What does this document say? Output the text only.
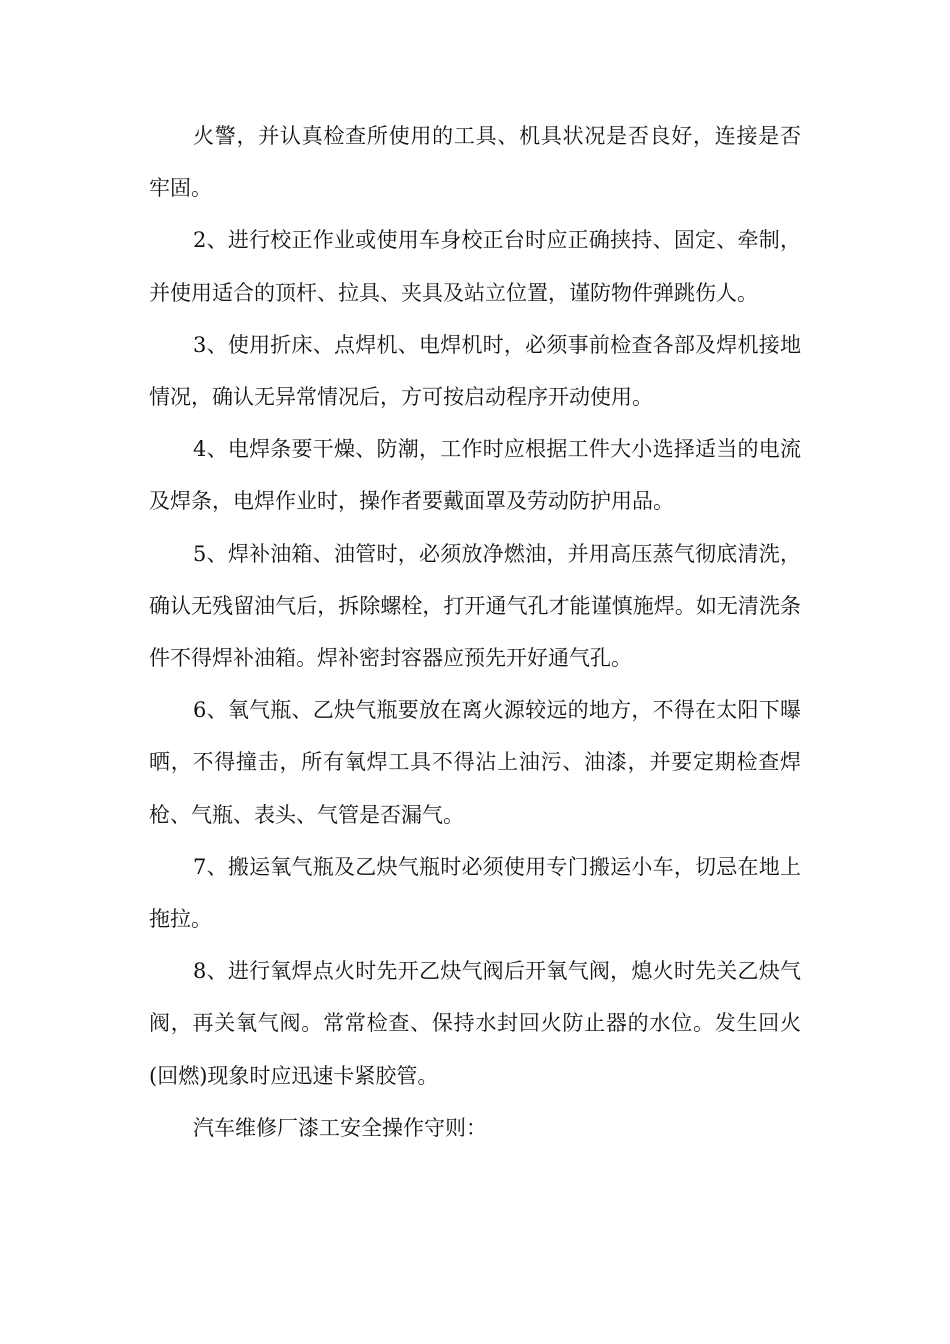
火警，并认真检查所使用的工具、机具状况是否良好，连接是否牢固。

2、进行校正作业或使用车身校正台时应正确挟持、固定、牵制，并使用适合的顶杆、拉具、夹具及站立位置，谨防物件弹跳伤人。

3、使用折床、点焊机、电焊机时，必须事前检查各部及焊机接地情况，确认无异常情况后，方可按启动程序开动使用。

4、电焊条要干燥、防潮，工作时应根据工件大小选择适当的电流及焊条，电焊作业时，操作者要戴面罩及劳动防护用品。

5、焊补油箱、油管时，必须放净燃油，并用高压蒸气彻底清洗，确认无残留油气后，拆除螺栓，打开通气孔才能谨慎施焊。如无清洗条件不得焊补油箱。焊补密封容器应预先开好通气孔。

6、氧气瓶、乙炔气瓶要放在离火源较远的地方，不得在太阳下曝晒，不得撞击，所有氧焊工具不得沾上油污、油漆，并要定期检查焊枪、气瓶、表头、气管是否漏气。

7、搬运氧气瓶及乙炔气瓶时必须使用专门搬运小车，切忌在地上拖拉。

8、进行氧焊点火时先开乙炔气阀后开氧气阀，熄火时先关乙炔气阀，再关氧气阀。常常检查、保持水封回火防止器的水位。发生回火(回燃)现象时应迅速卡紧胶管。

汽车维修厂漆工安全操作守则：
